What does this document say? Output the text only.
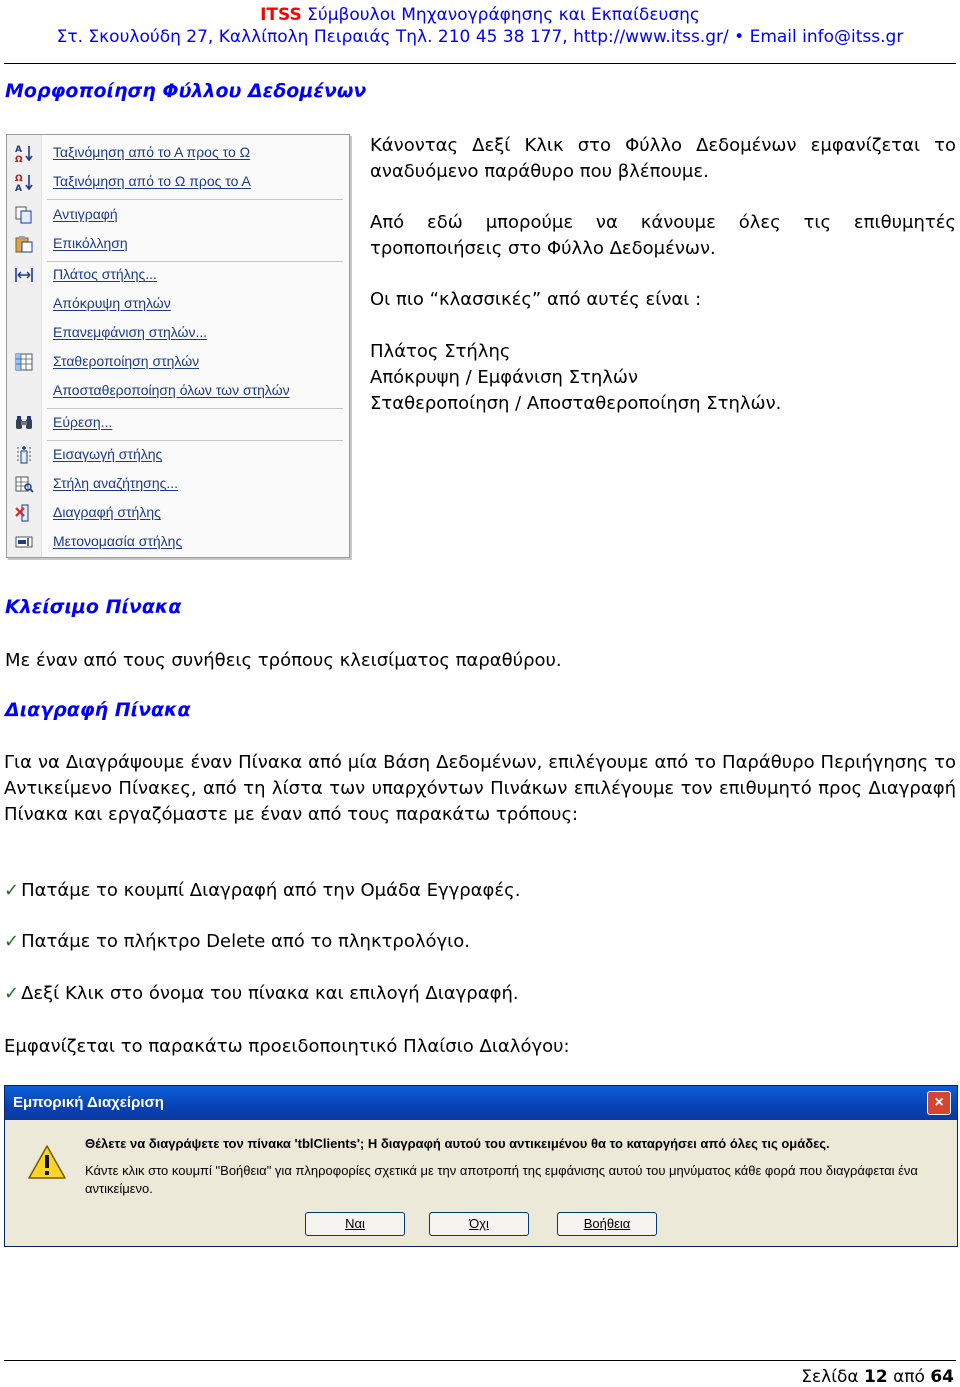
ITSS Σύμβουλοι Μηχανογράφησης και Εκπαίδευσης
Στ. Σκουλούδη 27, Καλλίπολη Πειραιάς Τηλ. 210 45 38 177, http://www.itss.gr/ • Email info@itss.gr
Μορφοποίηση Φύλλου Δεδομένων
A
Ω Ταξινόμηση από το Α προς το Ω
Ω
A Ταξινόμηση από το Ω προς το Α
Αντιγραφή
Επικόλληση
Πλάτος στήλης...
Απόκρυψη στηλών
Επανεμφάνιση στηλών...
Σταθεροποίηση στηλών
Αποσταθεροποίηση όλων των στηλών
Εύρεση...
Εισαγωγή στήλης
Στήλη αναζήτησης...
Διαγραφή στήλης
Μετονομασία στήλης
Κάνοντας Δεξί Κλικ στο Φύλλο Δεδομένων εμφανίζεται το αναδυόμενο παράθυρο που βλέπουμε.
Από εδώ μπορούμε να κάνουμε όλες τις επιθυμητές τροποποιήσεις στο Φύλλο Δεδομένων.
Οι πιο “κλασσικές” από αυτές είναι :
Πλάτος Στήλης
Απόκρυψη / Εμφάνιση Στηλών
Σταθεροποίηση / Αποσταθεροποίηση Στηλών.
Κλείσιμο Πίνακα
Με έναν από τους συνήθεις τρόπους κλεισίματος παραθύρου.
Διαγραφή Πίνακα
Για να Διαγράψουμε έναν Πίνακα από μία Βάση Δεδομένων, επιλέγουμε από το Παράθυρο Περιήγησης το Αντικείμενο Πίνακες, από τη λίστα των υπαρχόντων Πινάκων επιλέγουμε τον επιθυμητό προς Διαγραφή Πίνακα και εργαζόμαστε με έναν από τους παρακάτω τρόπους:
✓ Πατάμε το κουμπί Διαγραφή από την Ομάδα Εγγραφές.
✓ Πατάμε το πλήκτρο Delete από το πληκτρολόγιο.
✓ Δεξί Κλικ στο όνομα του πίνακα και επιλογή Διαγραφή.
Εμφανίζεται το παρακάτω προειδοποιητικό Πλαίσιο Διαλόγου:
Εμπορική Διαχείριση	×
Θέλετε να διαγράψετε τον πίνακα 'tblClients'; Η διαγραφή αυτού του αντικειμένου θα το καταργήσει από όλες τις ομάδες.
Κάντε κλικ στο κουμπί "Βοήθεια" για πληροφορίες σχετικά με την αποτροπή της εμφάνισης αυτού του μηνύματος κάθε φορά που διαγράφεται ένα αντικείμενο.
Ναι	Όχι	Βοήθεια
Σελίδα 12 από 64
